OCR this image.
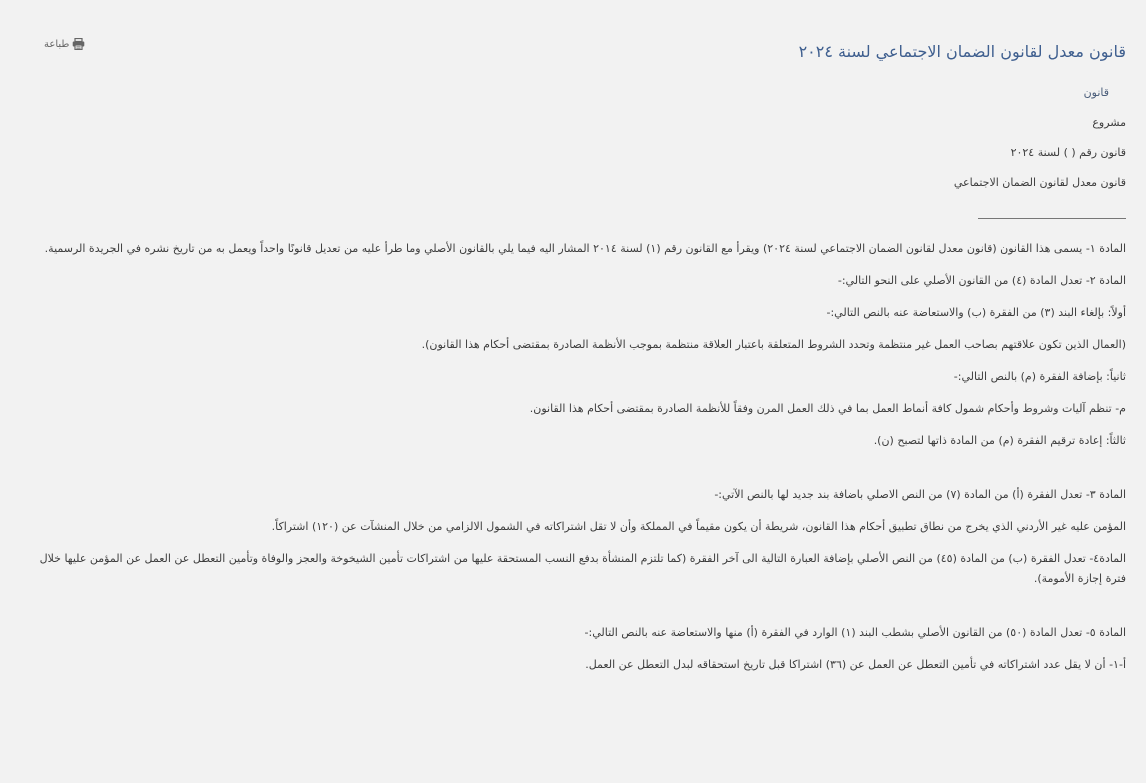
طباعة	قانون معدل لقانون الضمان الاجتماعي لسنة ٢٠٢٤
قانون

مشروع

قانون رقم ( ) لسنة ٢٠٢٤

قانون معدل لقانون الضمان الاجتماعي

المادة ١- يسمى هذا القانون (قانون معدل لقانون الضمان الاجتماعي لسنة ٢٠٢٤) ويقرأ مع القانون رقم (١) لسنة ٢٠١٤ المشار اليه فيما يلي بالقانون الأصلي وما طرأ عليه من تعديل قانونًا واحداً ويعمل به من تاريخ نشره في الجريدة الرسمية.

المادة ٢- تعدل المادة (٤) من القانون الأصلي على النحو التالي:-

أولاً: بإلغاء البند (٣) من الفقرة (ب) والاستعاضة عنه بالنص التالي:-

(العمال الذين تكون علاقتهم بصاحب العمل غير منتظمة وتحدد الشروط المتعلقة باعتبار العلاقة منتظمة بموجب الأنظمة الصادرة بمقتضى أحكام هذا القانون).

ثانياً: بإضافة الفقرة (م) بالنص التالي:-

م- تنظم آليات وشروط وأحكام شمول كافة أنماط العمل بما في ذلك العمل المرن وفقاً للأنظمة الصادرة بمقتضى أحكام هذا القانون.

ثالثاً: إعادة ترقيم الفقرة (م) من المادة ذاتها لتصبح (ن).

المادة ٣- تعدل الفقرة (أ) من المادة (٧) من النص الاصلي باضافة بند جديد لها بالنص الآتي:-

المؤمن عليه غير الأردني الذي يخرج من نطاق تطبيق أحكام هذا القانون، شريطة أن يكون مقيماً في المملكة وأن لا تقل اشتراكاته في الشمول الالزامي من خلال المنشآت عن (١٢٠) اشتراكاً.

المادة٤- تعدل الفقرة (ب) من المادة (٤٥) من النص الأصلي بإضافة العبارة التالية الى آخر الفقرة (كما تلتزم المنشأة بدفع النسب المستحقة عليها من اشتراكات تأمين الشيخوخة والعجز والوفاة وتأمين التعطل عن العمل عن المؤمن عليها خلال فترة إجازة الأمومة).

المادة ٥- تعدل المادة (٥٠) من القانون الأصلي بشطب البند (١) الوارد في الفقرة (أ) منها والاستعاضة عنه بالنص التالي:-

أ-١- أن لا يقل عدد اشتراكاته في تأمين التعطل عن العمل عن (٣٦) اشتراكا قبل تاريخ استحقاقه لبدل التعطل عن العمل.
